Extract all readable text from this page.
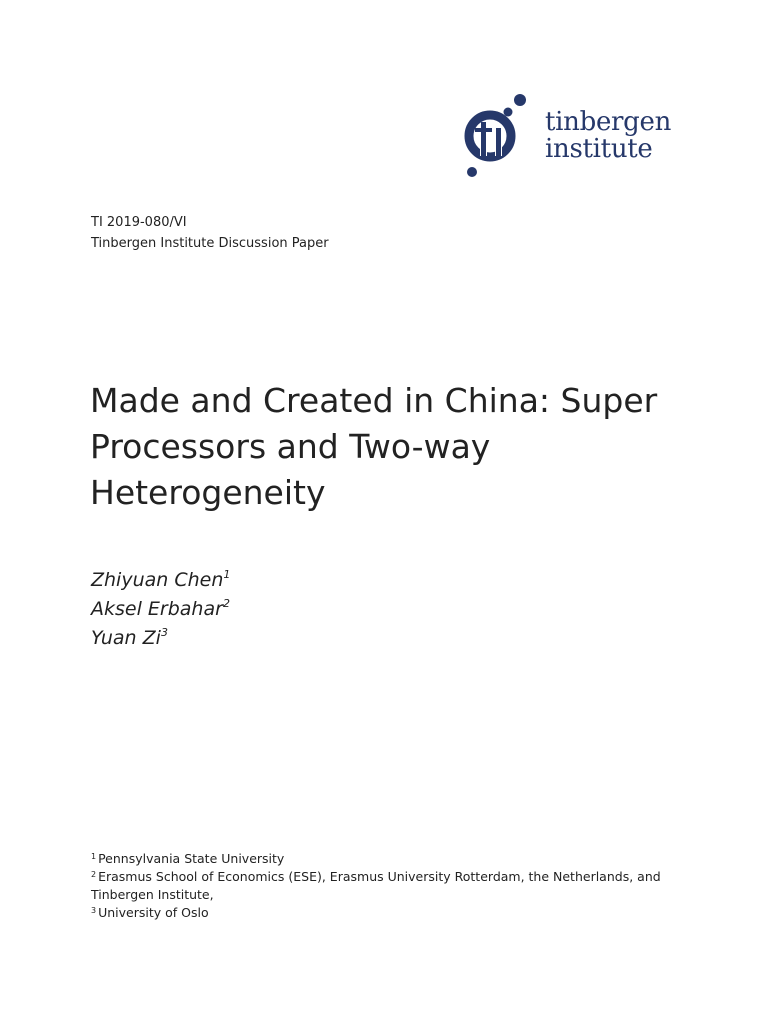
tinbergen
institute
TI 2019-080/VI
Tinbergen Institute Discussion Paper
Made and Created in China: Super
Processors and Two-way
Heterogeneity
Zhiyuan Chen$^1$
Aksel Erbahar$^2$
Yuan Zi$^3$
$^1$ Pennsylvania State University
$^2$ Erasmus School of Economics (ESE), Erasmus University Rotterdam, the Netherlands, and
Tinbergen Institute,
$^3$ University of Oslo
